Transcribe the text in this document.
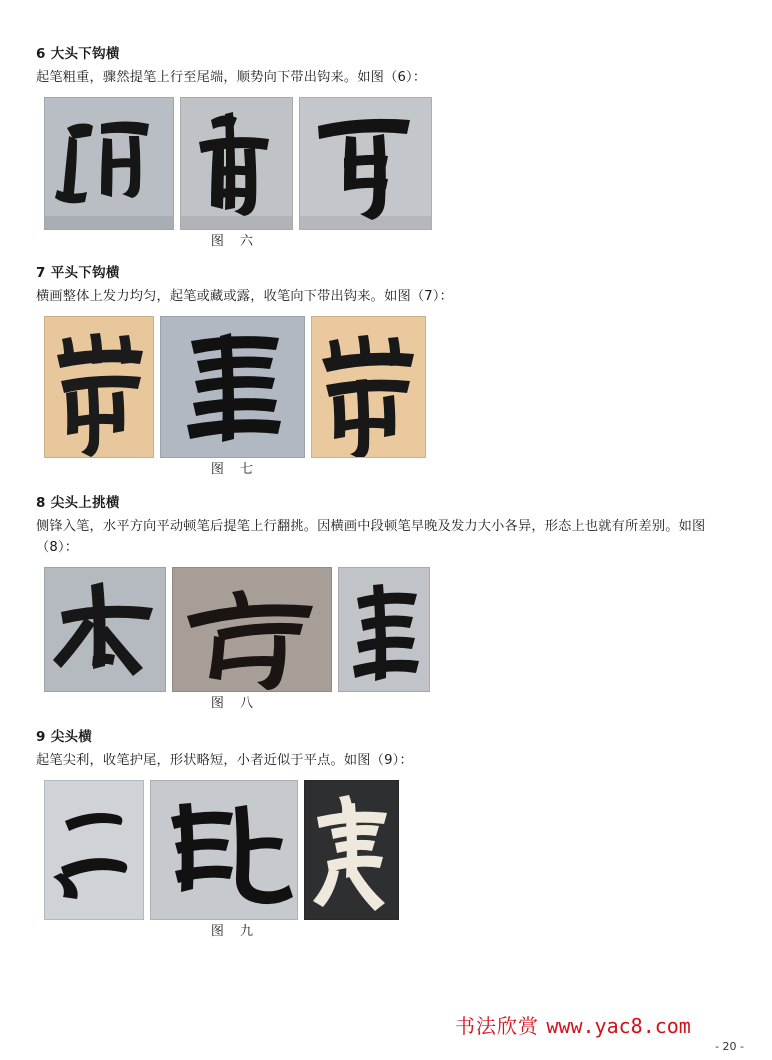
6 大头下钩横
起笔粗重，骤然提笔上行至尾端，顺势向下带出钩来。如图（6）：
图 六
7 平头下钩横
横画整体上发力均匀，起笔或藏或露，收笔向下带出钩来。如图（7）：
图 七
8 尖头上挑横
侧锋入笔，水平方向平动顿笔后提笔上行翻挑。因横画中段顿笔早晚及发力大小各异，形态上也就有所差别。如图（8）：
图 八
9 尖头横
起笔尖利，收笔护尾，形状略短，小者近似于平点。如图（9）：
图 九
书法欣赏 www.yac8.com
- 20 -
